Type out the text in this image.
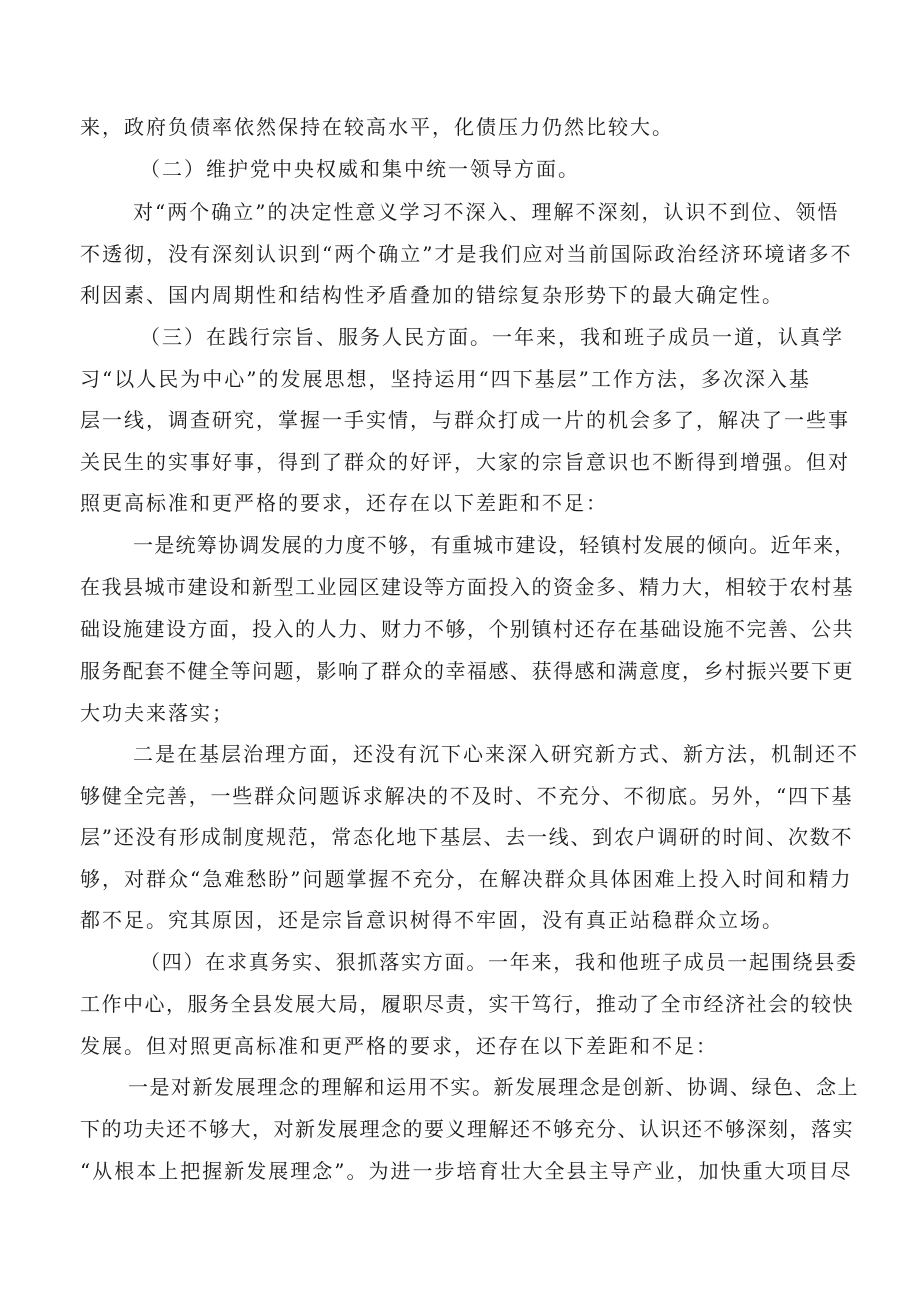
来，政府负债率依然保持在较高水平，化债压力仍然比较大。
（二）维护党中央权威和集中统一领导方面。
对“两个确立”的决定性意义学习不深入、理解不深刻，认识不到位、领悟
不透彻，没有深刻认识到“两个确立”才是我们应对当前国际政治经济环境诸多不
利因素、国内周期性和结构性矛盾叠加的错综复杂形势下的最大确定性。
（三）在践行宗旨、服务人民方面。一年来，我和班子成员一道，认真学
习“以人民为中心”的发展思想，坚持运用“四下基层”工作方法，多次深入基
层一线，调查研究，掌握一手实情，与群众打成一片的机会多了，解决了一些事
关民生的实事好事，得到了群众的好评，大家的宗旨意识也不断得到增强。但对
照更高标准和更严格的要求，还存在以下差距和不足：
一是统筹协调发展的力度不够，有重城市建设，轻镇村发展的倾向。近年来，
在我县城市建设和新型工业园区建设等方面投入的资金多、精力大，相较于农村基
础设施建设方面，投入的人力、财力不够，个别镇村还存在基础设施不完善、公共
服务配套不健全等问题，影响了群众的幸福感、获得感和满意度，乡村振兴要下更
大功夫来落实；
二是在基层治理方面，还没有沉下心来深入研究新方式、新方法，机制还不
够健全完善，一些群众问题诉求解决的不及时、不充分、不彻底。另外，“四下基
层”还没有形成制度规范，常态化地下基层、去一线、到农户调研的时间、次数不
够，对群众“急难愁盼”问题掌握不充分，在解决群众具体困难上投入时间和精力
都不足。究其原因，还是宗旨意识树得不牢固，没有真正站稳群众立场。
（四）在求真务实、狠抓落实方面。一年来，我和他班子成员一起围绕县委
工作中心，服务全县发展大局，履职尽责，实干笃行，推动了全市经济社会的较快
发展。但对照更高标准和更严格的要求，还存在以下差距和不足：
一是对新发展理念的理解和运用不实。新发展理念是创新、协调、绿色、念上
下的功夫还不够大，对新发展理念的要义理解还不够充分、认识还不够深刻，落实
“从根本上把握新发展理念”。为进一步培育壮大全县主导产业，加快重大项目尽
